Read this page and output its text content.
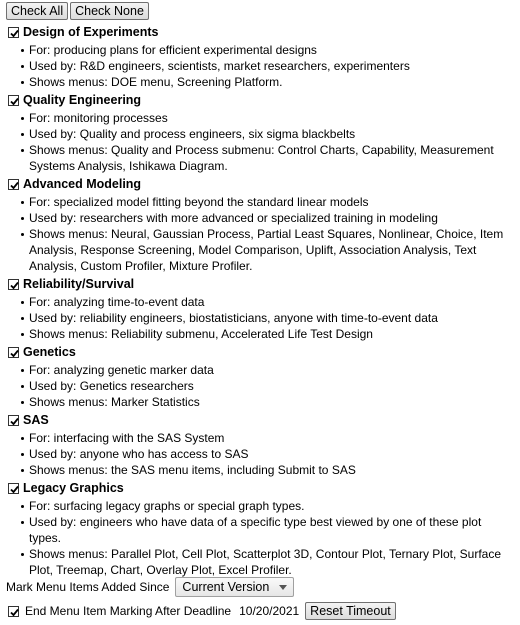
Check All Check None
Design of Experiments
For: producing plans for efficient experimental designs
Used by: R&D engineers, scientists, market researchers, experimenters
Shows menus: DOE menu, Screening Platform.
Quality Engineering
For: monitoring processes
Used by: Quality and process engineers, six sigma blackbelts
Shows menus: Quality and Process submenu: Control Charts, Capability, Measurement Systems Analysis, Ishikawa Diagram.
Advanced Modeling
For: specialized model fitting beyond the standard linear models
Used by: researchers with more advanced or specialized training in modeling
Shows menus: Neural, Gaussian Process, Partial Least Squares, Nonlinear, Choice, Item Analysis, Response Screening, Model Comparison, Uplift, Association Analysis, Text Analysis, Custom Profiler, Mixture Profiler.
Reliability/Survival
For: analyzing time-to-event data
Used by: reliability engineers, biostatisticians, anyone with time-to-event data
Shows menus: Reliability submenu, Accelerated Life Test Design
Genetics
For: analyzing genetic marker data
Used by: Genetics researchers
Shows menus: Marker Statistics
SAS
For: interfacing with the SAS System
Used by: anyone who has access to SAS
Shows menus: the SAS menu items, including Submit to SAS
Legacy Graphics
For: surfacing legacy graphs or special graph types.
Used by: engineers who have data of a specific type best viewed by one of these plot types.
Shows menus: Parallel Plot, Cell Plot, Scatterplot 3D, Contour Plot, Ternary Plot, Surface Plot, Treemap, Chart, Overlay Plot, Excel Profiler.
Mark Menu Items Added Since Current Version
End Menu Item Marking After Deadline 10/20/2021 Reset Timeout
